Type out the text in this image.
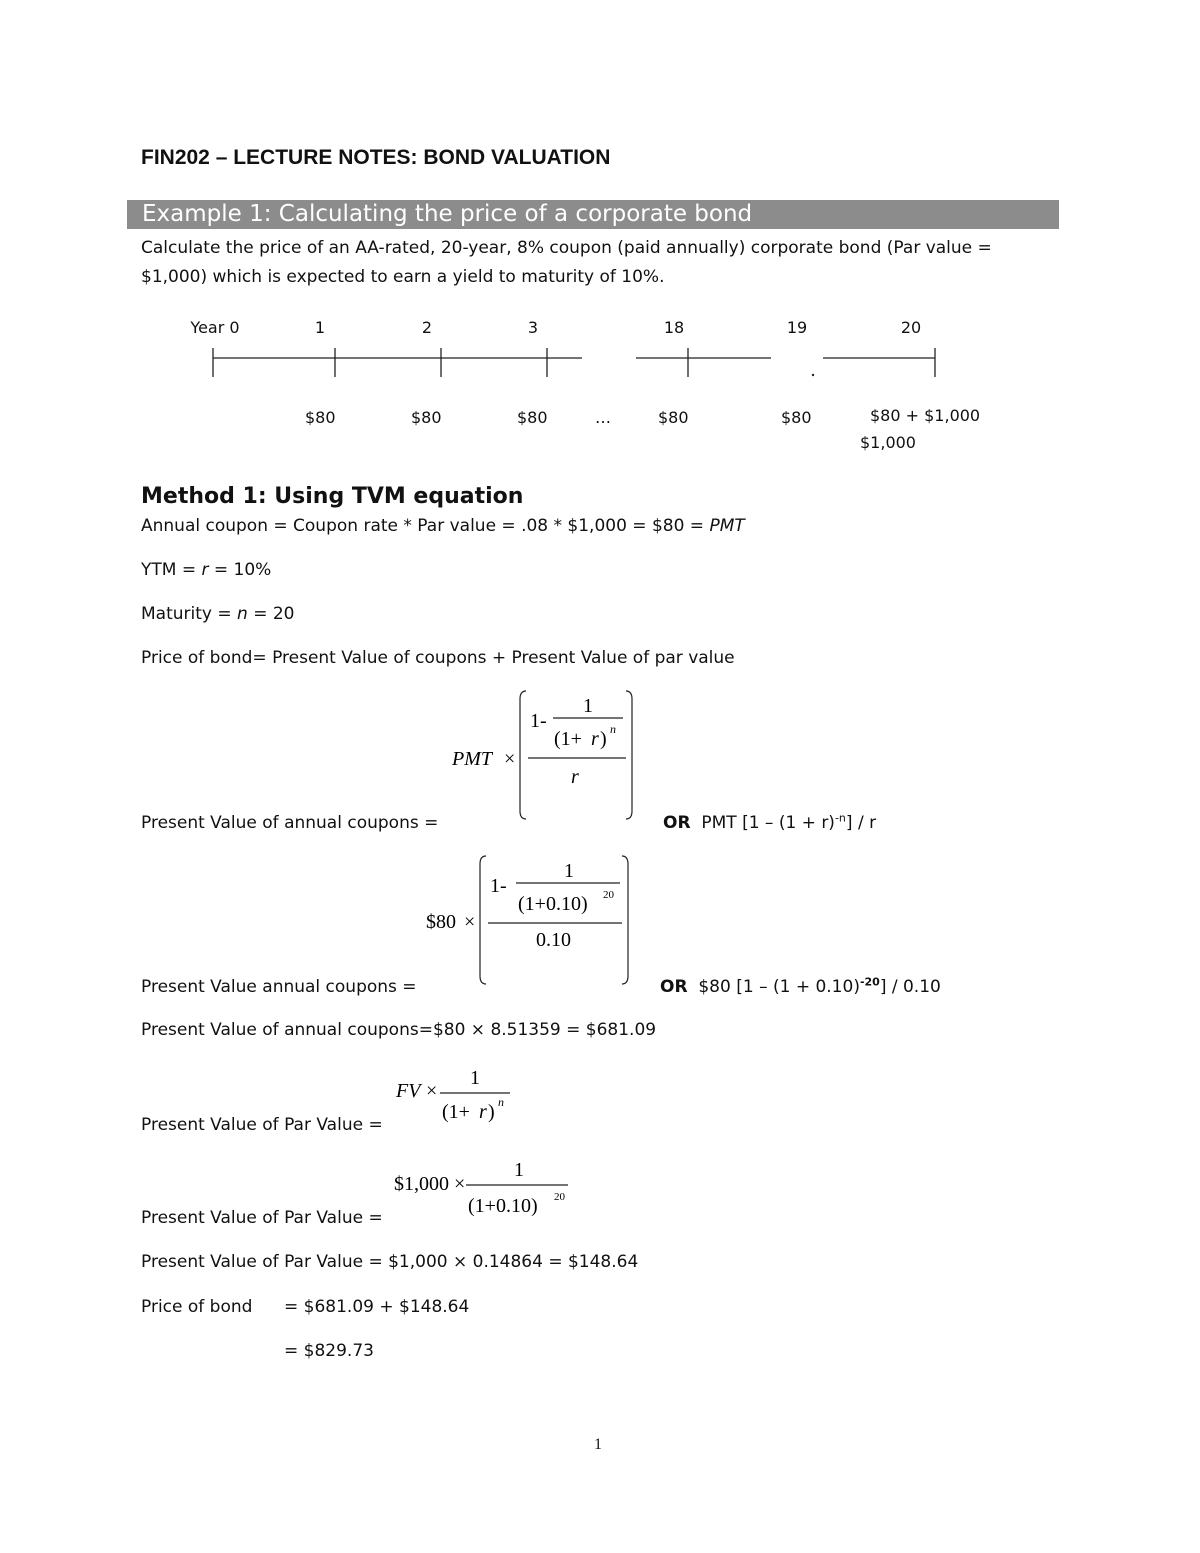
FIN202 – LECTURE NOTES: BOND VALUATION
Example 1: Calculating the price of a corporate bond
Calculate the price of an AA-rated, 20-year, 8% coupon (paid annually) corporate bond (Par value =
$1,000) which is expected to earn a yield to maturity of 10%.
Year 0	1	2	3	18	19	20
$80	$80	$80	…	$80	$80	$80 + $1,000
$1,000
Method 1: Using TVM equation
Annual coupon = Coupon rate * Par value = .08 * $1,000 = $80 = PMT
YTM = r = 10%
Maturity = n = 20
Price of bond= Present Value of coupons + Present Value of par value
PMT ×
1-
1
(1+ r ) n
r
Present Value of annual coupons =	OR PMT $[1 - (1 + r)^{-n}] / r$
$80 ×
1-
1
(1+0.10) 20
0.10
Present Value annual coupons =	OR $80 $[1 - (1 + 0.10)^{-20}] / 0.10$
Present Value of annual coupons=$80 × 8.51359 = $681.09
FV ×
1
(1+ r ) n
Present Value of Par Value =
$1,000 ×
1
(1+0.10) 20
Present Value of Par Value =
Present Value of Par Value = $1,000 × 0.14864 = $148.64
Price of bond = $681.09 + $148.64
= $829.73
1
